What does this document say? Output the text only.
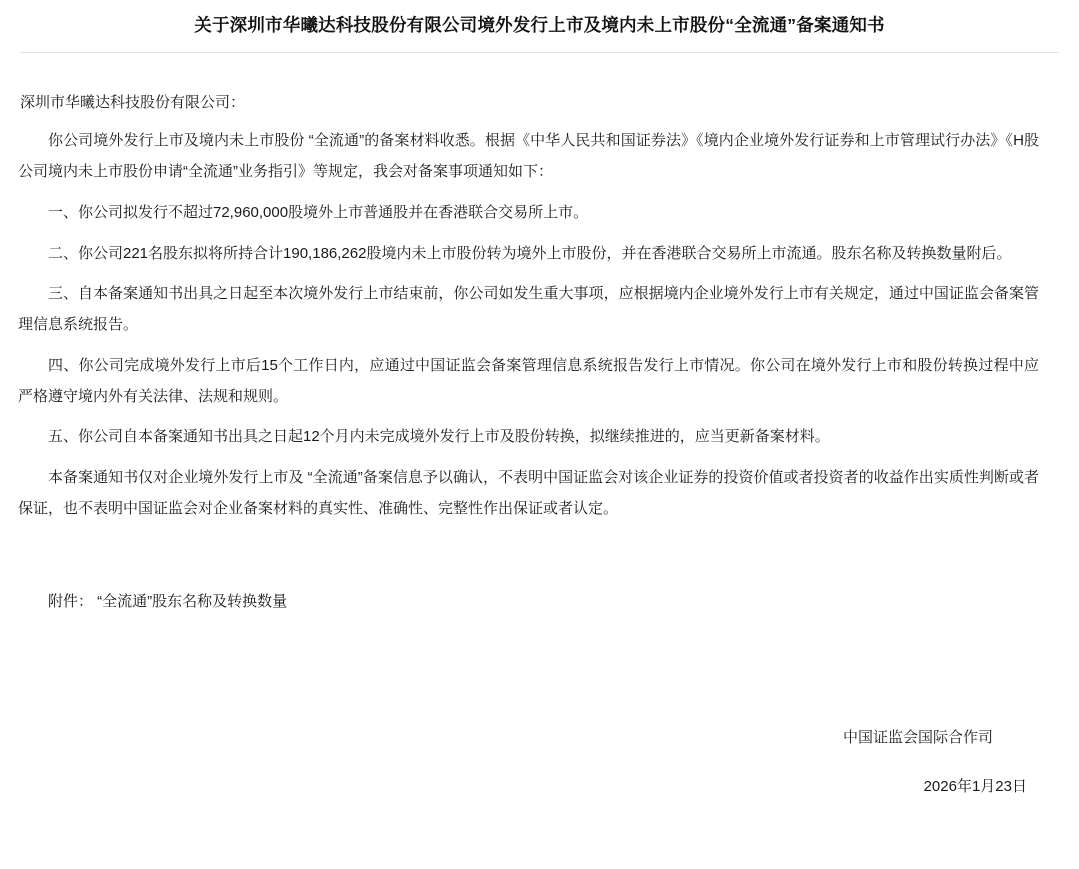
关于深圳市华曦达科技股份有限公司境外发行上市及境内未上市股份“全流通”备案通知书
深圳市华曦达科技股份有限公司：

你公司境外发行上市及境内未上市股份 “全流通”的备案材料收悉。根据《中华人民共和国证券法》《境内企业境外发行证券和上市管理试行办法》《H股公司境内未上市股份申请“全流通”业务指引》等规定，我会对备案事项通知如下：

一、你公司拟发行不超过72,960,000股境外上市普通股并在香港联合交易所上市。

二、你公司221名股东拟将所持合计190,186,262股境内未上市股份转为境外上市股份，并在香港联合交易所上市流通。股东名称及转换数量附后。

三、自本备案通知书出具之日起至本次境外发行上市结束前，你公司如发生重大事项，应根据境内企业境外发行上市有关规定，通过中国证监会备案管理信息系统报告。

四、你公司完成境外发行上市后15个工作日内，应通过中国证监会备案管理信息系统报告发行上市情况。你公司在境外发行上市和股份转换过程中应严格遵守境内外有关法律、法规和规则。

五、你公司自本备案通知书出具之日起12个月内未完成境外发行上市及股份转换，拟继续推进的，应当更新备案材料。

本备案通知书仅对企业境外发行上市及 “全流通”备案信息予以确认，不表明中国证监会对该企业证券的投资价值或者投资者的收益作出实质性判断或者保证，也不表明中国证监会对企业备案材料的真实性、准确性、完整性作出保证或者认定。

附件： “全流通”股东名称及转换数量
中国证监会国际合作司
2026年1月23日
